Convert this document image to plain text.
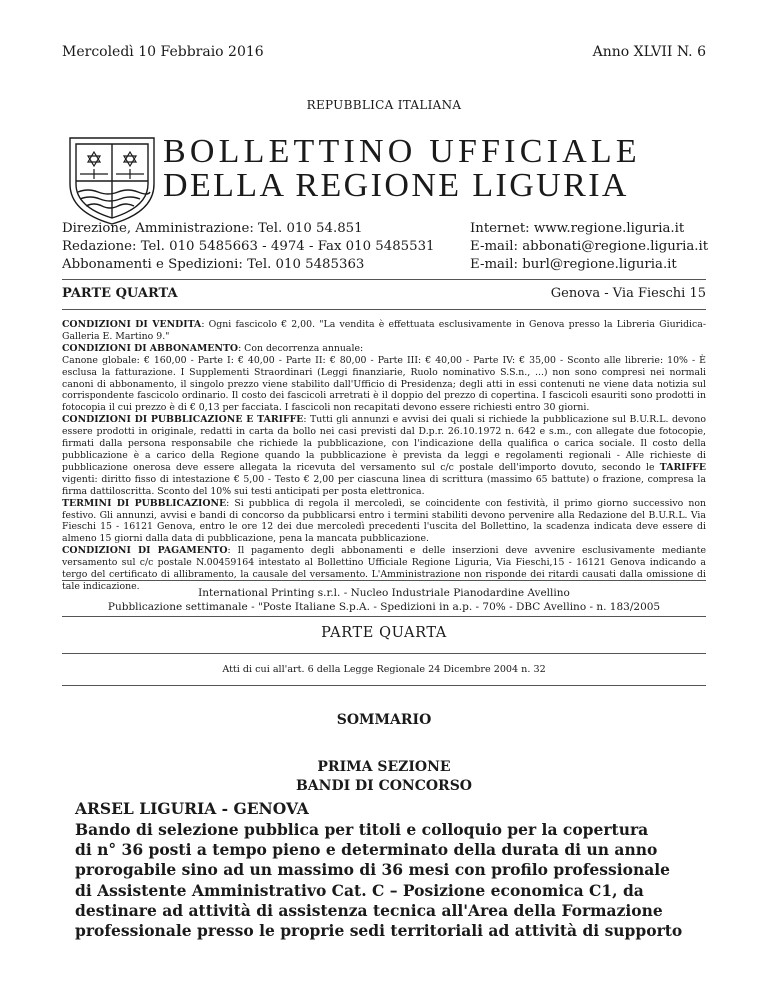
Mercoledì 10 Febbraio 2016	Anno XLVII N. 6
REPUBBLICA ITALIANA
BOLLETTINO UFFICIALE
DELLA REGIONE LIGURIA
Direzione, Amministrazione: Tel. 010 54.851
Redazione: Tel. 010 5485663 - 4974 - Fax 010 5485531
Abbonamenti e Spedizioni: Tel. 010 5485363
Internet: www.regione.liguria.it
E-mail: abbonati@regione.liguria.it
E-mail: burl@regione.liguria.it
PARTE QUARTA	Genova - Via Fieschi 15

CONDIZIONI DI VENDITA: Ogni fascicolo € 2,00. "La vendita è effettuata esclusivamente in Genova presso la Libreria Giuridica-Galleria E. Martino 9."

CONDIZIONI DI ABBONAMENTO: Con decorrenza annuale:

Canone globale: € 160,00 - Parte I: € 40,00 - Parte II: € 80,00 - Parte III: € 40,00 - Parte IV: € 35,00 - Sconto alle librerie: 10% - È esclusa la fatturazione. I Supplementi Straordinari (Leggi finanziarie, Ruolo nominativo S.S.n., ...) non sono compresi nei normali canoni di abbonamento, il singolo prezzo viene stabilito dall'Ufficio di Presidenza; degli atti in essi contenuti ne viene data notizia sul corrispondente fascicolo ordinario. Il costo dei fascicoli arretrati è il doppio del prezzo di copertina. I fascicoli esauriti sono prodotti in fotocopia il cui prezzo è di € 0,13 per facciata. I fascicoli non recapitati devono essere richiesti entro 30 giorni.

CONDIZIONI DI PUBBLICAZIONE E TARIFFE: Tutti gli annunzi e avvisi dei quali si richiede la pubblicazione sul B.U.R.L. devono essere prodotti in originale, redatti in carta da bollo nei casi previsti dal D.p.r. 26.10.1972 n. 642 e s.m., con allegate due fotocopie, firmati dalla persona responsabile che richiede la pubblicazione, con l'indicazione della qualifica o carica sociale. Il costo della pubblicazione è a carico della Regione quando la pubblicazione è prevista da leggi e regolamenti regionali - Alle richieste di pubblicazione onerosa deve essere allegata la ricevuta del versamento sul c/c postale dell'importo dovuto, secondo le TARIFFE vigenti: diritto fisso di intestazione € 5,00 - Testo € 2,00 per ciascuna linea di scrittura (massimo 65 battute) o frazione, compresa la firma dattiloscritta. Sconto del 10% sui testi anticipati per posta elettronica.

TERMINI DI PUBBLICAZIONE: Si pubblica di regola il mercoledì, se coincidente con festività, il primo giorno successivo non festivo. Gli annunzi, avvisi e bandi di concorso da pubblicarsi entro i termini stabiliti devono pervenire alla Redazione del B.U.R.L. Via Fieschi 15 - 16121 Genova, entro le ore 12 dei due mercoledì precedenti l'uscita del Bollettino, la scadenza indicata deve essere di almeno 15 giorni dalla data di pubblicazione, pena la mancata pubblicazione.

CONDIZIONI DI PAGAMENTO: Il pagamento degli abbonamenti e delle inserzioni deve avvenire esclusivamente mediante versamento sul c/c postale N.00459164 intestato al Bollettino Ufficiale Regione Liguria, Via Fieschi,15 - 16121 Genova indicando a tergo del certificato di allibramento, la causale del versamento. L'Amministrazione non risponde dei ritardi causati dalla omissione di tale indicazione.

International Printing s.r.l. - Nucleo Industriale Pianodardine Avellino
Pubblicazione settimanale - "Poste Italiane S.p.A. - Spedizioni in a.p. - 70% - DBC Avellino - n. 183/2005
PARTE QUARTA
Atti di cui all'art. 6 della Legge Regionale 24 Dicembre 2004 n. 32
SOMMARIO
PRIMA SEZIONE
BANDI DI CONCORSO
ARSEL LIGURIA - GENOVA
Bando di selezione pubblica per titoli e colloquio per la copertura
di n° 36 posti a tempo pieno e determinato della durata di un anno
prorogabile sino ad un massimo di 36 mesi con profilo professionale
di Assistente Amministrativo Cat. C – Posizione economica C1, da
destinare ad attività di assistenza tecnica all'Area della Formazione
professionale presso le proprie sedi territoriali ad attività di supporto
